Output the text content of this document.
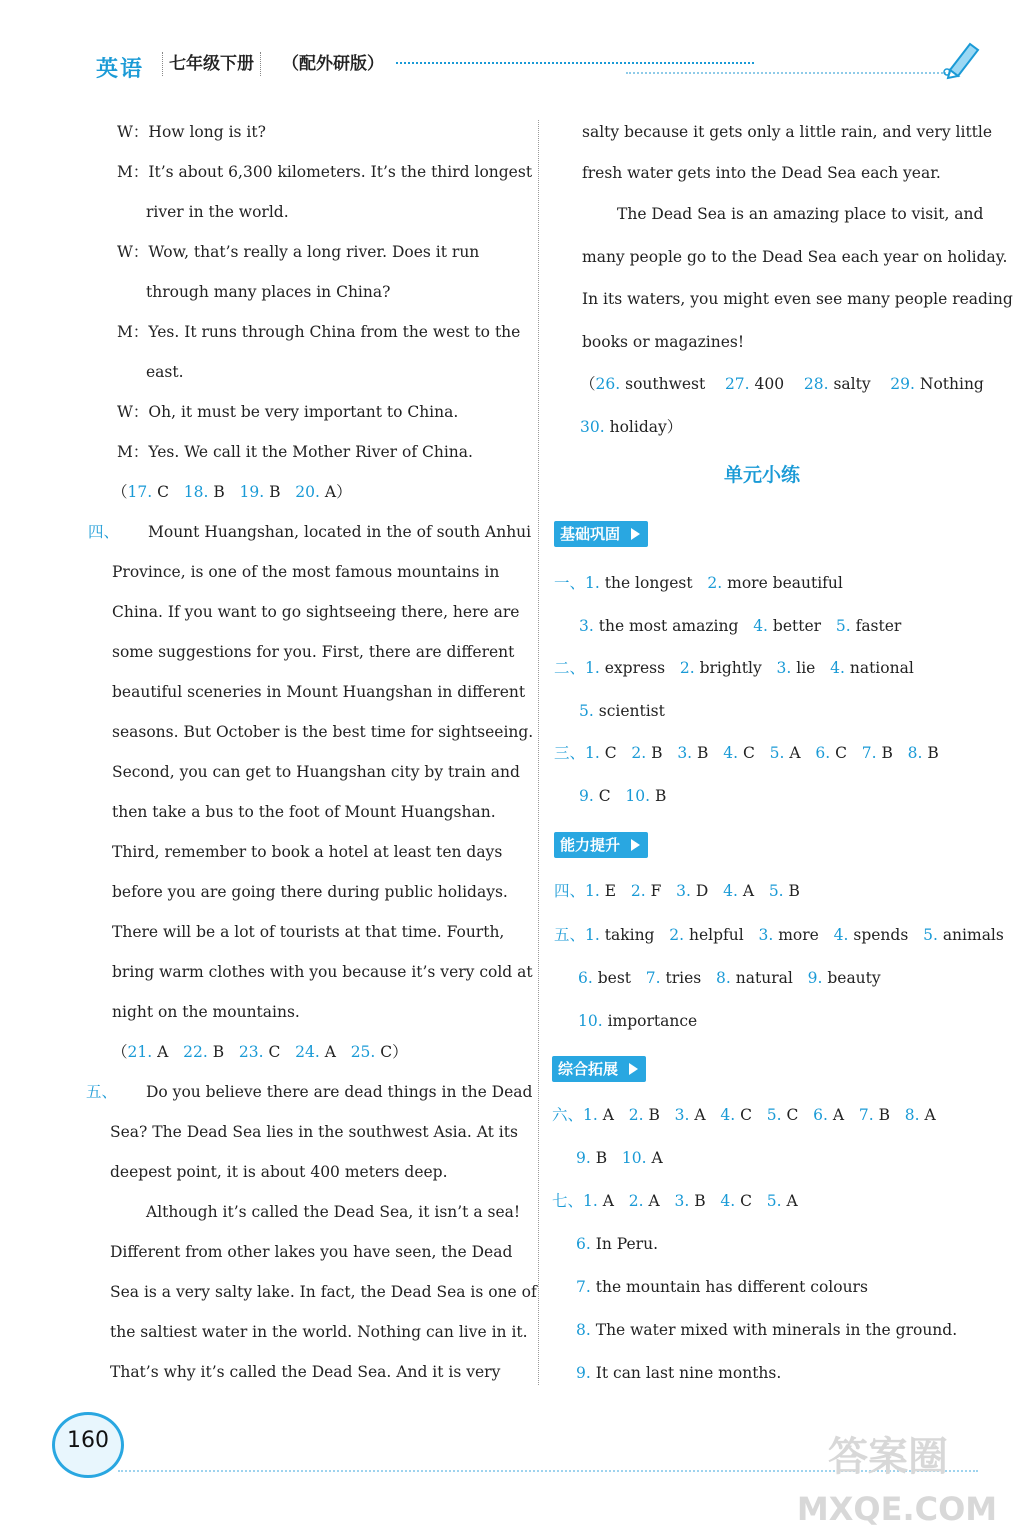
英语	七年级下册	（配外研版）
W：How long is it?
M：It’s about 6,300 kilometers. It’s the third longest
river in the world.
W：Wow, that’s really a long river. Does it run
through many places in China?
M：Yes. It runs through China from the west to the
east.
W：Oh, it must be very important to China.
M：Yes. We call it the Mother River of China.
（17. C 18. B 19. B 20. A）
四、 Mount Huangshan, located in the of south Anhui
Province, is one of the most famous mountains in
China. If you want to go sightseeing there, here are
some suggestions for you. First, there are different
beautiful sceneries in Mount Huangshan in different
seasons. But October is the best time for sightseeing.
Second, you can get to Huangshan city by train and
then take a bus to the foot of Mount Huangshan.
Third, remember to book a hotel at least ten days
before you are going there during public holidays.
There will be a lot of tourists at that time. Fourth,
bring warm clothes with you because it’s very cold at
night on the mountains.
（21. A 22. B 23. C 24. A 25. C）
五、 Do you believe there are dead things in the Dead
Sea? The Dead Sea lies in the southwest Asia. At its
deepest point, it is about 400 meters deep.
Although it’s called the Dead Sea, it isn’t a sea!
Different from other lakes you have seen, the Dead
Sea is a very salty lake. In fact, the Dead Sea is one of
the saltiest water in the world. Nothing can live in it.
That’s why it’s called the Dead Sea. And it is very
salty because it gets only a little rain, and very little
fresh water gets into the Dead Sea each year.
The Dead Sea is an amazing place to visit, and
many people go to the Dead Sea each year on holiday.
In its waters, you might even see many people reading
books or magazines!
（26. southwest 27. 400 28. salty 29. Nothing
30. holiday）
单元小练
基础巩固
一、1. the longest 2. more beautiful
3. the most amazing 4. better 5. faster
二、1. express 2. brightly 3. lie 4. national
5. scientist
三、1. C 2. B 3. B 4. C 5. A 6. C 7. B 8. B
9. C 10. B
能力提升
四、1. E 2. F 3. D 4. A 5. B
五、1. taking 2. helpful 3. more 4. spends 5. animals
6. best 7. tries 8. natural 9. beauty
10. importance
综合拓展
六、1. A 2. B 3. A 4. C 5. C 6. A 7. B 8. A
9. B 10. A
七、1. A 2. A 3. B 4. C 5. A
6. In Peru.
7. the mountain has different colours
8. The water mixed with minerals in the ground.
9. It can last nine months.
160	答案圈
MXQE.COM
